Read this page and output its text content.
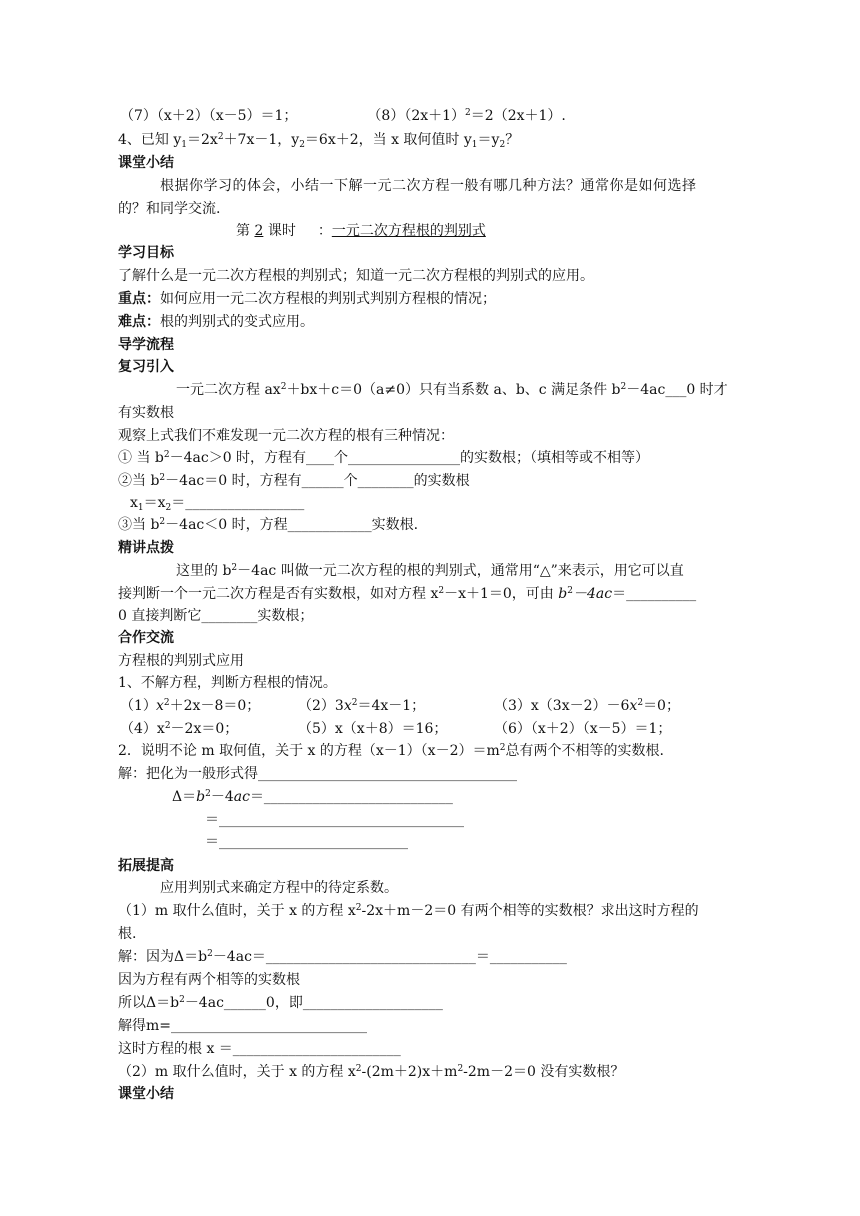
（7）（x＋2）（x－5）＝1；	$(8)(2x+1)^2=2(2x+1)$.
4、已知 $y_1=2x^2+7x-1$，$y_2=6x+2$，当 x 取何值时 $y_1=y_2$？
课堂小结
根据你学习的体会，小结一下解一元二次方程一般有哪几种方法？通常你是如何选择
的？和同学交流.
第 2 课时 ：一元二次方程根的判别式
学习目标
了解什么是一元二次方程根的判别式；知道一元二次方程根的判别式的应用。
重点：如何应用一元二次方程根的判别式判别方程根的情况；
难点：根的判别式的变式应用。
导学流程
复习引入
一元二次方程 $ax^2+bx+c=0(a\ne 0)$只有当系数 a、b、c 满足条件 $b^2-4ac\_\_\_0$ 时才
有实数根
观察上式我们不难发现一元二次方程的根有三种情况：
① 当 $b^2-4ac>0$ 时，方程有____个________________的实数根；（填相等或不相等）
②当 $b^2-4ac=0$ 时，方程有______个________的实数根
$x_1=x_2=\_\_\_\_\_\_\_\_\_\_\_\_\_\_\_\_\_$
③当 $b^2-4ac<0$ 时，方程____________实数根.
精讲点拨
这里的 $b^2-4ac$ 叫做一元二次方程的根的判别式，通常用“△”来表示，用它可以直
接判断一个一元二次方程是否有实数根，如对方程 $x^2-x+1=0$，可由 $b^2-4ac=\_\_\_\_\_\_\_\_\_\_$
0 直接判断它________实数根；
合作交流
方程根的判别式应用
1、不解方程，判断方程根的情况。
（1） $x^2+2x-8=0$；	$(2)3x^2=4x-1$；	$(3)x(3x-2)-6x^2=0$；
$(4)x^2-2x=0$；	（5）x（x＋8）＝16；	（6）（x＋2）（x－5）＝1；
2．说明不论 m 取何值，关于 x 的方程$(x-1)(x-2)=m^2$总有两个不相等的实数根.
解：把化为一般形式得_____________________________________
$\Delta=b^2-4ac=\_\_\_\_\_\_\_\_\_\_\_\_\_\_\_\_\_\_\_\_\_\_\_\_\_\_\_$
＝___________________________________
＝___________________________
拓展提高
应用判别式来确定方程中的待定系数。
（1）m 取什么值时，关于 x 的方程 $x^2-2x+m-2=0$ 有两个相等的实数根？求出这时方程的
根.
解：因为$\Delta=b^2-4ac=\_\_\_\_\_\_\_\_\_\_\_\_\_\_\_\_\_\_\_\_\_\_\_\_\_\_\_\_\_\_=\_\_\_\_\_\_\_\_\_\_\_$
因为方程有两个相等的实数根
所以$\Delta=b^2-4ac\_\_\_\_\_\_0$，即____________________
解得m=____________________________
这时方程的根 x ＝________________________
（2）m 取什么值时，关于 x 的方程 $x^2-(2m+2)x+m^2-2m-2=0$ 没有实数根？
课堂小结
